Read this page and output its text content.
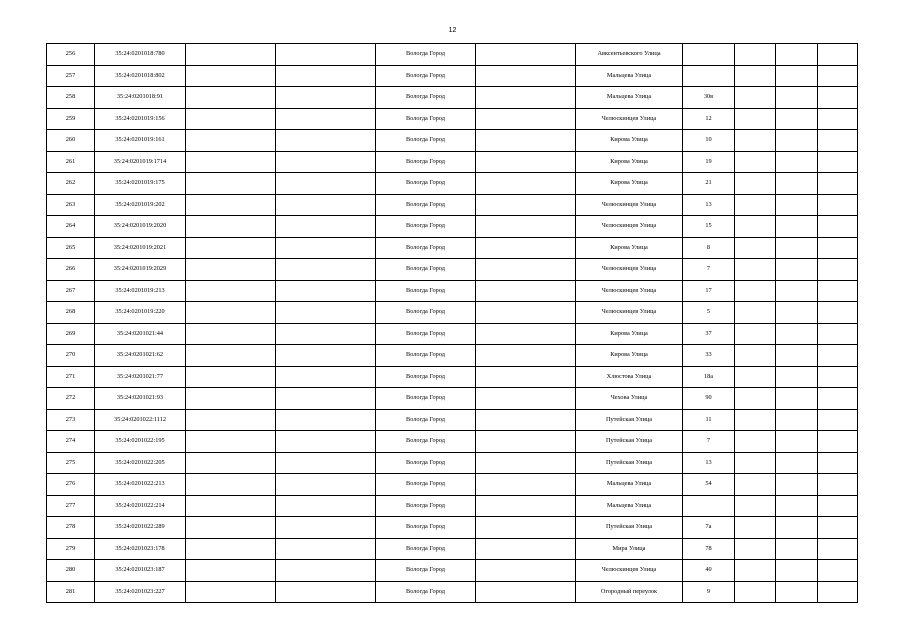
12
256	35:24:0201018:780			Вологда Город		Авксентьевского Улица				
257	35:24:0201018:802			Вологда Город		Мальцева Улица				
258	35:24:0201018:91			Вологда Город		Мальцева Улица	30в			
259	35:24:0201019:156			Вологда Город		Челюскинцев Улица	12			
260	35:24:0201019:161			Вологда Город		Кирова Улица	10			
261	35:24:0201019:1714			Вологда Город		Кирова Улица	19			
262	35:24:0201019:175			Вологда Город		Кирова Улица	21			
263	35:24:0201019:202			Вологда Город		Челюскинцев Улица	13			
264	35:24:0201019:2020			Вологда Город		Челюскинцев Улица	15			
265	35:24:0201019:2021			Вологда Город		Кирова Улица	8			
266	35:24:0201019:2029			Вологда Город		Челюскинцев Улица	7			
267	35:24:0201019:213			Вологда Город		Челюскинцев Улица	17			
268	35:24:0201019:220			Вологда Город		Челюскинцев Улица	5			
269	35:24:0201021:44			Вологда Город		Кирова Улица	37			
270	35:24:0201021:62			Вологда Город		Кирова Улица	33			
271	35:24:0201021:77			Вологда Город		Хлюстова Улица	18а			
272	35:24:0201021:93			Вологда Город		Чехова Улица	90			
273	35:24:0201022:1112			Вологда Город		Путейская Улица	11			
274	35:24:0201022:195			Вологда Город		Путейская Улица	7			
275	35:24:0201022:205			Вологда Город		Путейская Улица	13			
276	35:24:0201022:213			Вологда Город		Мальцева Улица	54			
277	35:24:0201022:214			Вологда Город		Мальцева Улица				
278	35:24:0201022:289			Вологда Город		Путейская Улица	7а			
279	35:24:0201023:178			Вологда Город		Мира Улица	78			
280	35:24:0201023:187			Вологда Город		Челюскинцев Улица	40			
281	35:24:0201023:227			Вологда Город		Огородный переулок	9			
